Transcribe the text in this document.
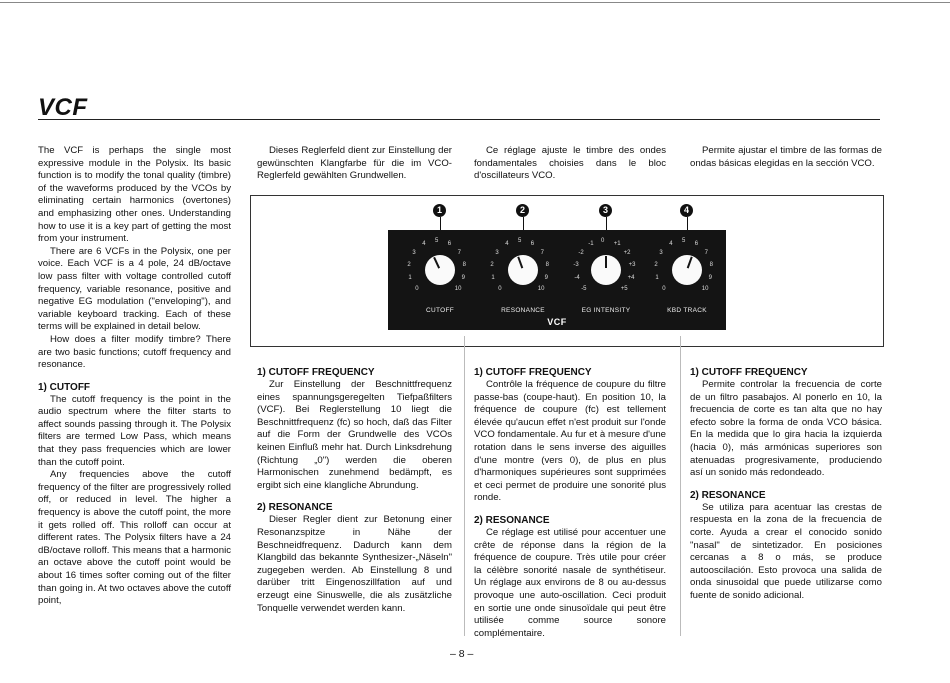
VCF

The VCF is perhaps the single most expressive module in the Polysix. Its basic function is to modify the tonal quality (timbre) of the waveforms produced by the VCOs by eliminating certain harmonics (overtones) and emphasizing other ones. Understanding how to use it is a key part of getting the most from your instrument.

There are 6 VCFs in the Polysix, one per voice. Each VCF is a 4 pole, 24 dB/octave low pass filter with voltage controlled cutoff frequency, variable resonance, positive and negative EG modulation ("enveloping"), and variable keyboard tracking. Each of these terms will be explained in detail below.

How does a filter modify timbre? There are two basic functions; cutoff frequency and resonance.

1) CUTOFF

The cutoff frequency is the point in the audio spectrum where the filter starts to affect sounds passing through it. The Polysix filters are termed Low Pass, which means that they pass frequencies which are lower than the cutoff point.

Any frequencies above the cutoff frequency of the filter are progressively rolled off, or reduced in level. The higher a frequency is above the cutoff point, the more it gets rolled off. This rolloff can occur at different rates. The Polysix filters have a 24 dB/octave rolloff. This means that a harmonic an octave above the cutoff point would be about 16 times softer coming out of the filter than going in. At two octaves above the cutoff point,

Dieses Reglerfeld dient zur Einstellung der gewünschten Klangfarbe für die im VCO-Reglerfeld gewählten Grundwellen.

Ce réglage ajuste le timbre des ondes fondamentales choisies dans le bloc d'oscillateurs VCO.

Permite ajustar el timbre de las formas de ondas básicas elegidas en la sección VCO.

1	2	3	4
VCF
0
1
2
3
4
5
6
7
8
9
10
CUTOFF
0
1
2
3
4
5
6
7
8
9
10
RESONANCE
-5
-4
-3
-2
-1
0
+1
+2
+3
+4
+5
EG INTENSITY
0
1
2
3
4
5
6
7
8
9
10
KBD TRACK
1) CUTOFF FREQUENCY

Zur Einstellung der Beschnittfrequenz eines spannungsgeregelten Tiefpaßfilters (VCF). Bei Reglerstellung 10 liegt die Beschnittfrequenz (fc) so hoch, daß das Filter auf die Form der Grundwelle des VCOs keinen Einfluß mehr hat. Durch Linksdrehung (Richtung „0") werden die oberen Harmonischen zunehmend bedämpft, es ergibt sich eine klangliche Abrundung.

2) RESONANCE

Dieser Regler dient zur Betonung einer Resonanzspitze in Nähe der Beschneidfrequenz. Dadurch kann dem Klangbild das bekannte Synthesizer-„Näseln" zugegeben werden. Ab Einstellung 8 und darüber tritt Eingenoszillfation auf und erzeugt eine Sinuswelle, die als zusätzliche Tonquelle verwendet werden kann.

1) CUTOFF FREQUENCY

Contrôle la fréquence de coupure du filtre passe-bas (coupe-haut). En position 10, la fréquence de coupure (fc) est tellement élevée qu'aucun effet n'est produit sur l'onde VCO fondamentale. Au fur et à mesure d'une rotation dans le sens inverse des aiguilles d'une montre (vers 0), de plus en plus d'harmoniques supérieures sont supprimées et ceci permet de produire une sonorité plus ronde.

2) RESONANCE

Ce réglage est utilisé pour accentuer une crête de réponse dans la région de la fréquence de coupure. Très utile pour créer la célèbre sonorité nasale de synthétiseur. Un réglage aux environs de 8 ou au-dessus provoque une auto-oscillation. Ceci produit en sortie une onde sinusoïdale qui peut être utilisée comme source sonore complémentaire.

1) CUTOFF FREQUENCY

Permite controlar la frecuencia de corte de un filtro pasabajos. Al ponerlo en 10, la frecuencia de corte es tan alta que no hay efecto sobre la forma de onda VCO básica. En la medida que lo gira hacia la izquierda (hacia 0), más armónicas superiores son atenuadas progresivamente, produciendo así un sonido más redondeado.

2) RESONANCE

Se utiliza para acentuar las crestas de respuesta en la zona de la frecuencia de corte. Ayuda a crear el conocido sonido "nasal" de sintetizador. En posiciones cercanas a 8 o más, se produce autooscilación. Esto provoca una salida de onda sinusoidal que puede utilizarse como fuente de sonido adicional.

– 8 –
